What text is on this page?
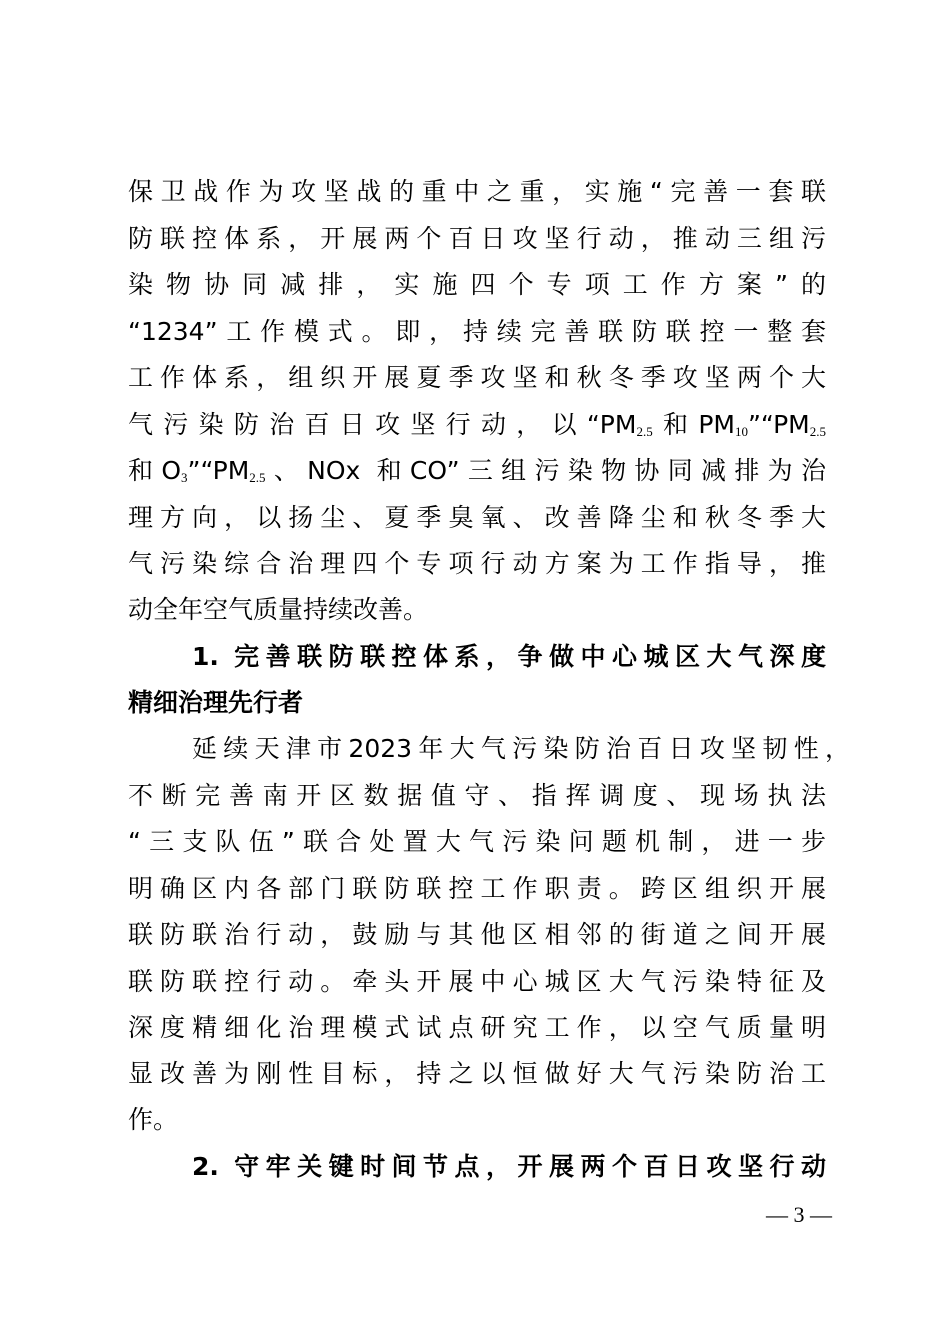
保卫战作为攻坚战的重中之重，实施“完善一套联
防联控体系，开展两个百日攻坚行动，推动三组污
染物协同减排，实施四个专项工作方案”的
“1234”工作模式。即，持续完善联防联控一整套
工作体系，组织开展夏季攻坚和秋冬季攻坚两个大
气污染防治百日攻坚行动，以“$PM_{2.5}$和$PM_{10}”“PM_{2.5}$
和$O_3”“PM_{2.5}$、NOx 和CO”三组污染物协同减排为治
理方向，以扬尘、夏季臭氧、改善降尘和秋冬季大
气污染综合治理四个专项行动方案为工作指导，推
动全年空气质量持续改善。
1. 完善联防联控体系，争做中心城区大气深度
精细治理先行者
延续天津市2023年大气污染防治百日攻坚韧性，
不断完善南开区数据值守、指挥调度、现场执法
“三支队伍”联合处置大气污染问题机制，进一步
明确区内各部门联防联控工作职责。跨区组织开展
联防联治行动，鼓励与其他区相邻的街道之间开展
联防联控行动。牵头开展中心城区大气污染特征及
深度精细化治理模式试点研究工作，以空气质量明
显改善为刚性目标，持之以恒做好大气污染防治工
作。
2. 守牢关键时间节点，开展两个百日攻坚行动
— 3 —
